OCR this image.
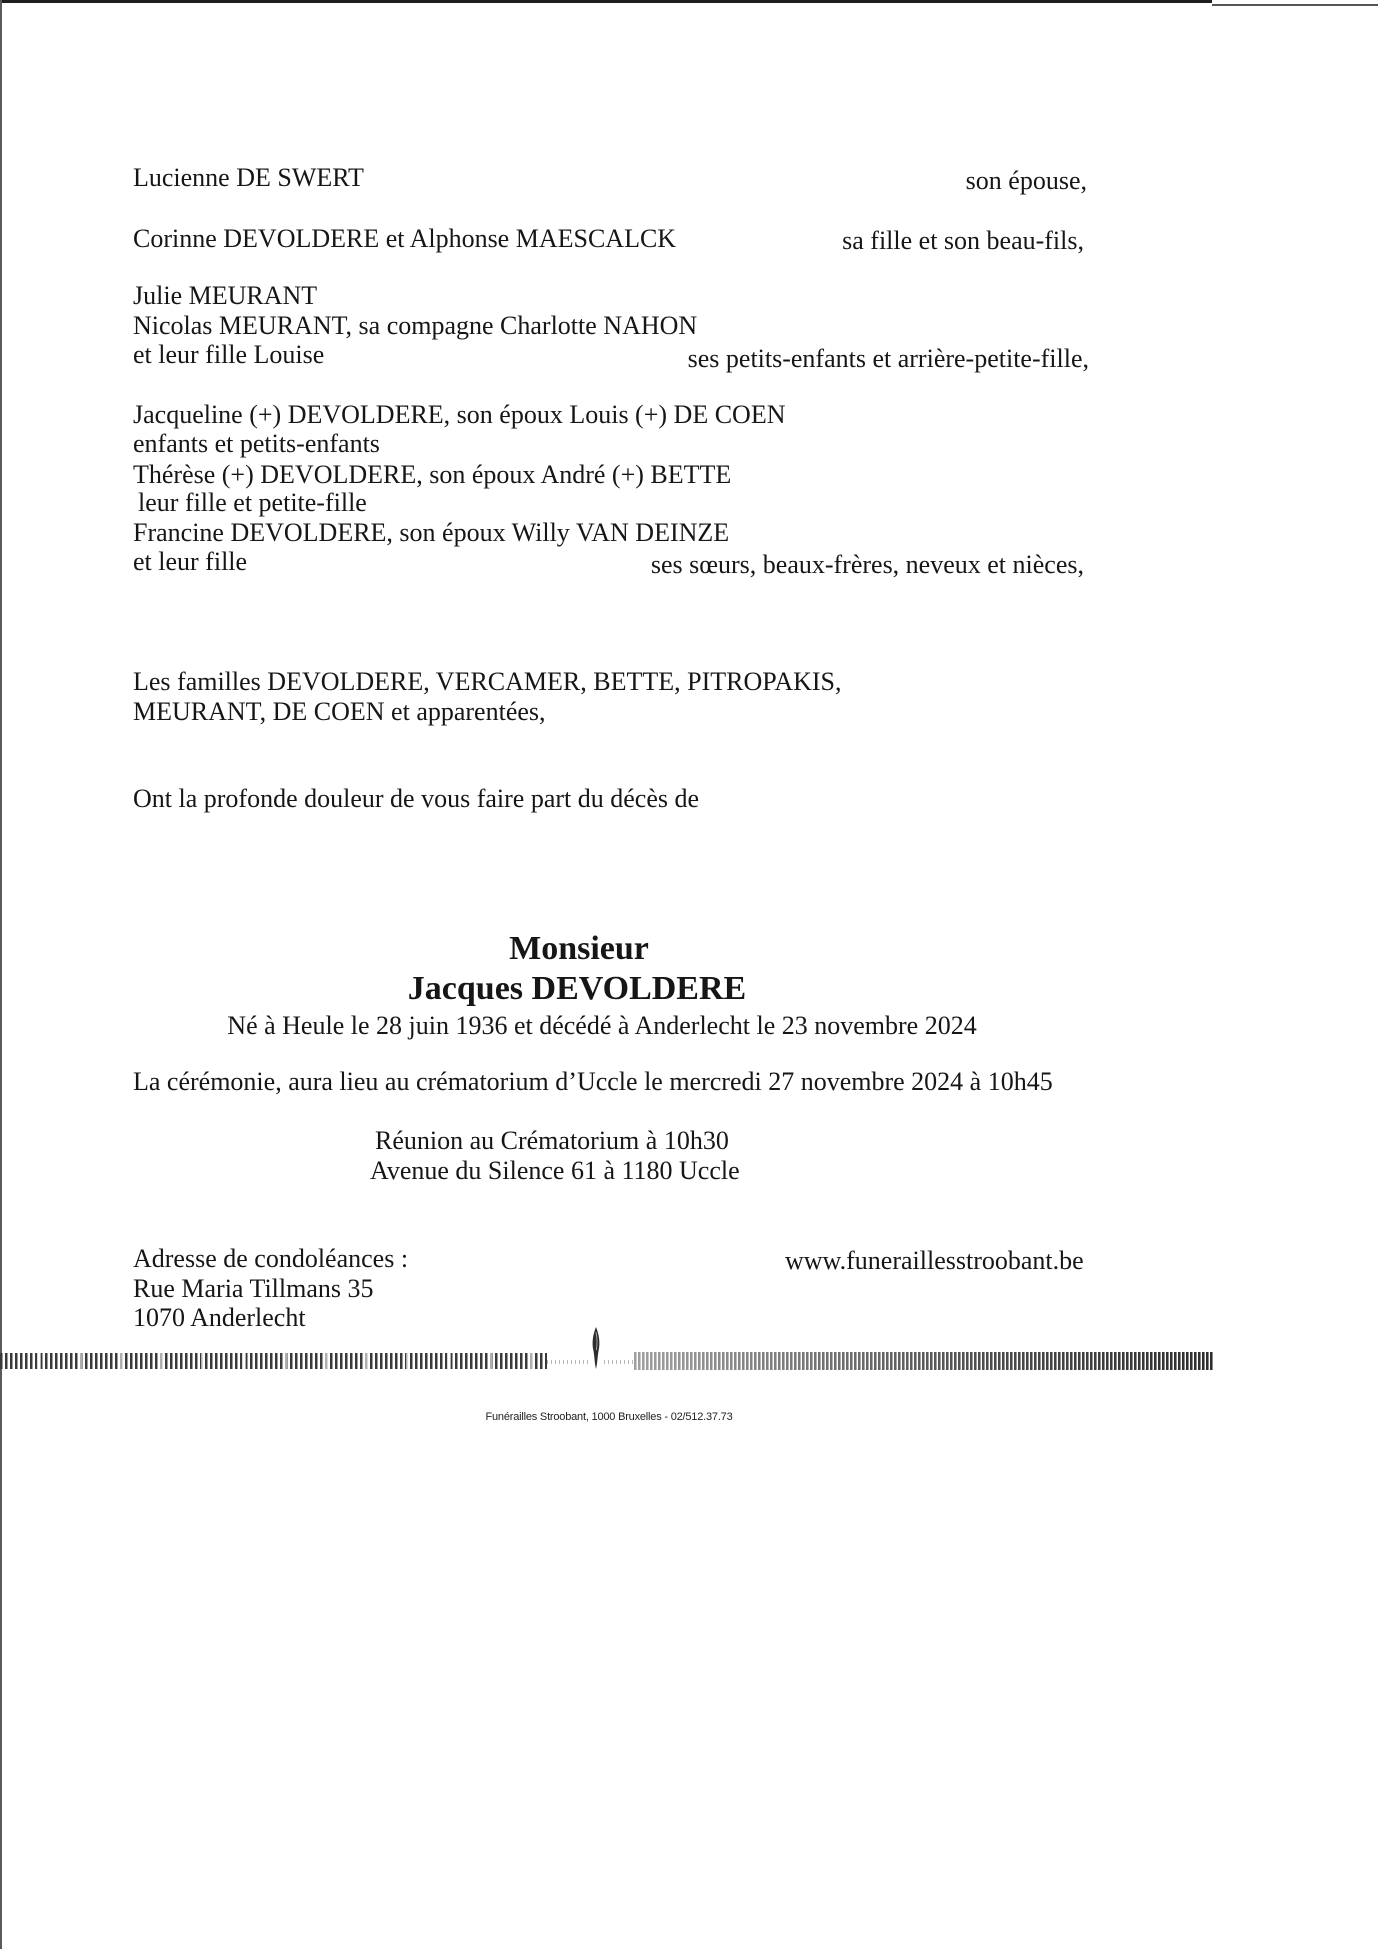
Lucienne DE SWERT	son épouse,
Corinne DEVOLDERE et Alphonse MAESCALCK	sa fille et son beau-fils,
Julie MEURANT
Nicolas MEURANT, sa compagne Charlotte NAHON
et leur fille Louise	ses petits-enfants et arrière-petite-fille,
Jacqueline (+) DEVOLDERE, son époux Louis (+) DE COEN
enfants et petits-enfants
Thérèse (+) DEVOLDERE, son époux André (+) BETTE
leur fille et petite-fille
Francine DEVOLDERE, son époux Willy VAN DEINZE
et leur fille	ses sœurs, beaux-frères, neveux et nièces,
Les familles DEVOLDERE, VERCAMER, BETTE, PITROPAKIS,
MEURANT, DE COEN et apparentées,
Ont la profonde douleur de vous faire part du décès de
Monsieur
Jacques DEVOLDERE
Né à Heule le 28 juin 1936 et décédé à Anderlecht le 23 novembre 2024
La cérémonie, aura lieu au crématorium d’Uccle le mercredi 27 novembre 2024 à 10h45
Réunion au Crématorium à 10h30
Avenue du Silence 61 à 1180 Uccle
Adresse de condoléances :	www.funeraillesstroobant.be
Rue Maria Tillmans 35
1070 Anderlecht
Funérailles Stroobant, 1000 Bruxelles - 02/512.37.73
